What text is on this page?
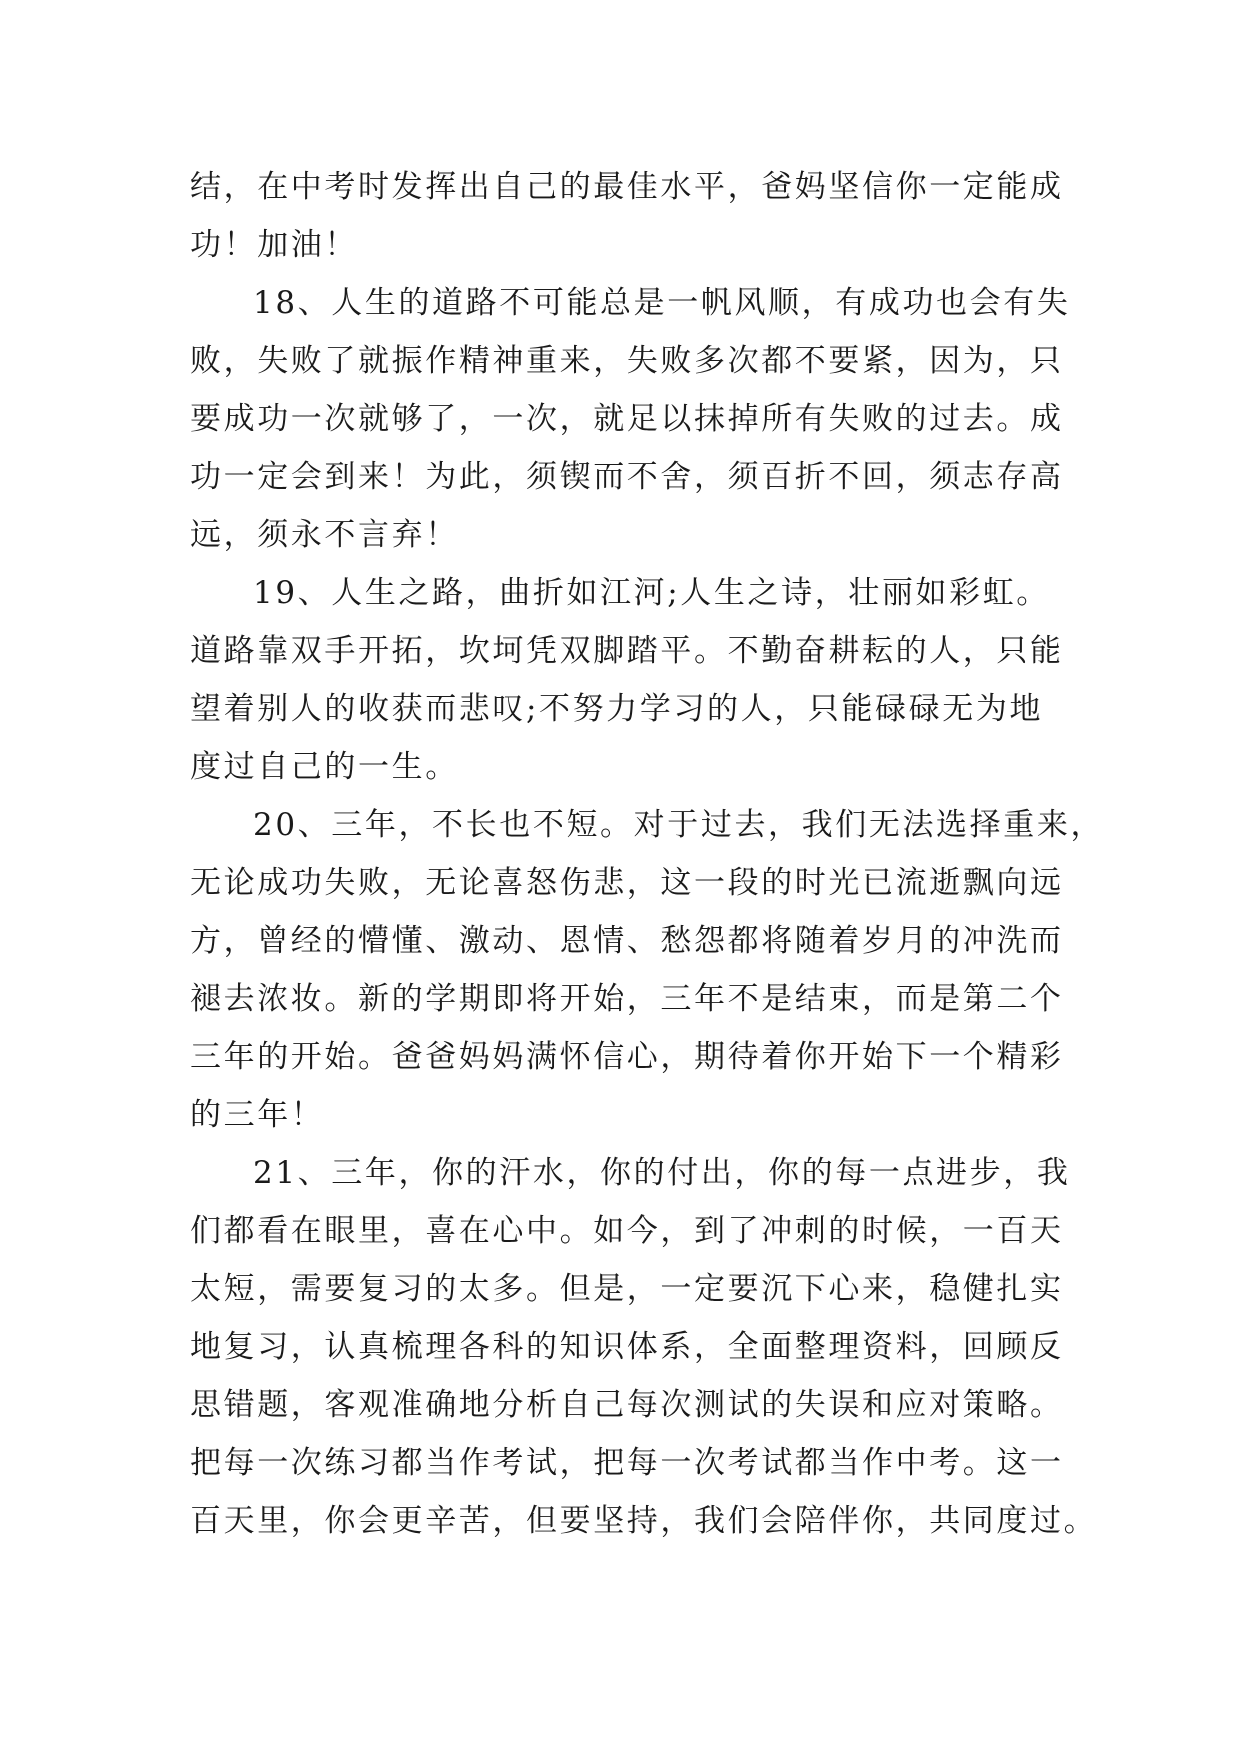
结，在中考时发挥出自己的最佳水平，爸妈坚信你一定能成
功！加油！
18、人生的道路不可能总是一帆风顺，有成功也会有失
败，失败了就振作精神重来，失败多次都不要紧，因为，只
要成功一次就够了，一次，就足以抹掉所有失败的过去。成
功一定会到来！为此，须锲而不舍，须百折不回，须志存高
远，须永不言弃！
19、人生之路，曲折如江河;人生之诗，壮丽如彩虹。
道路靠双手开拓，坎坷凭双脚踏平。不勤奋耕耘的人，只能
望着别人的收获而悲叹;不努力学习的人，只能碌碌无为地
度过自己的一生。
20、三年，不长也不短。对于过去，我们无法选择重来，
无论成功失败，无论喜怒伤悲，这一段的时光已流逝飘向远
方，曾经的懵懂、激动、恩情、愁怨都将随着岁月的冲洗而
褪去浓妆。新的学期即将开始，三年不是结束，而是第二个
三年的开始。爸爸妈妈满怀信心，期待着你开始下一个精彩
的三年！
21、三年，你的汗水，你的付出，你的每一点进步，我
们都看在眼里，喜在心中。如今，到了冲刺的时候，一百天
太短，需要复习的太多。但是，一定要沉下心来，稳健扎实
地复习，认真梳理各科的知识体系，全面整理资料，回顾反
思错题，客观准确地分析自己每次测试的失误和应对策略。
把每一次练习都当作考试，把每一次考试都当作中考。这一
百天里，你会更辛苦，但要坚持，我们会陪伴你，共同度过。
